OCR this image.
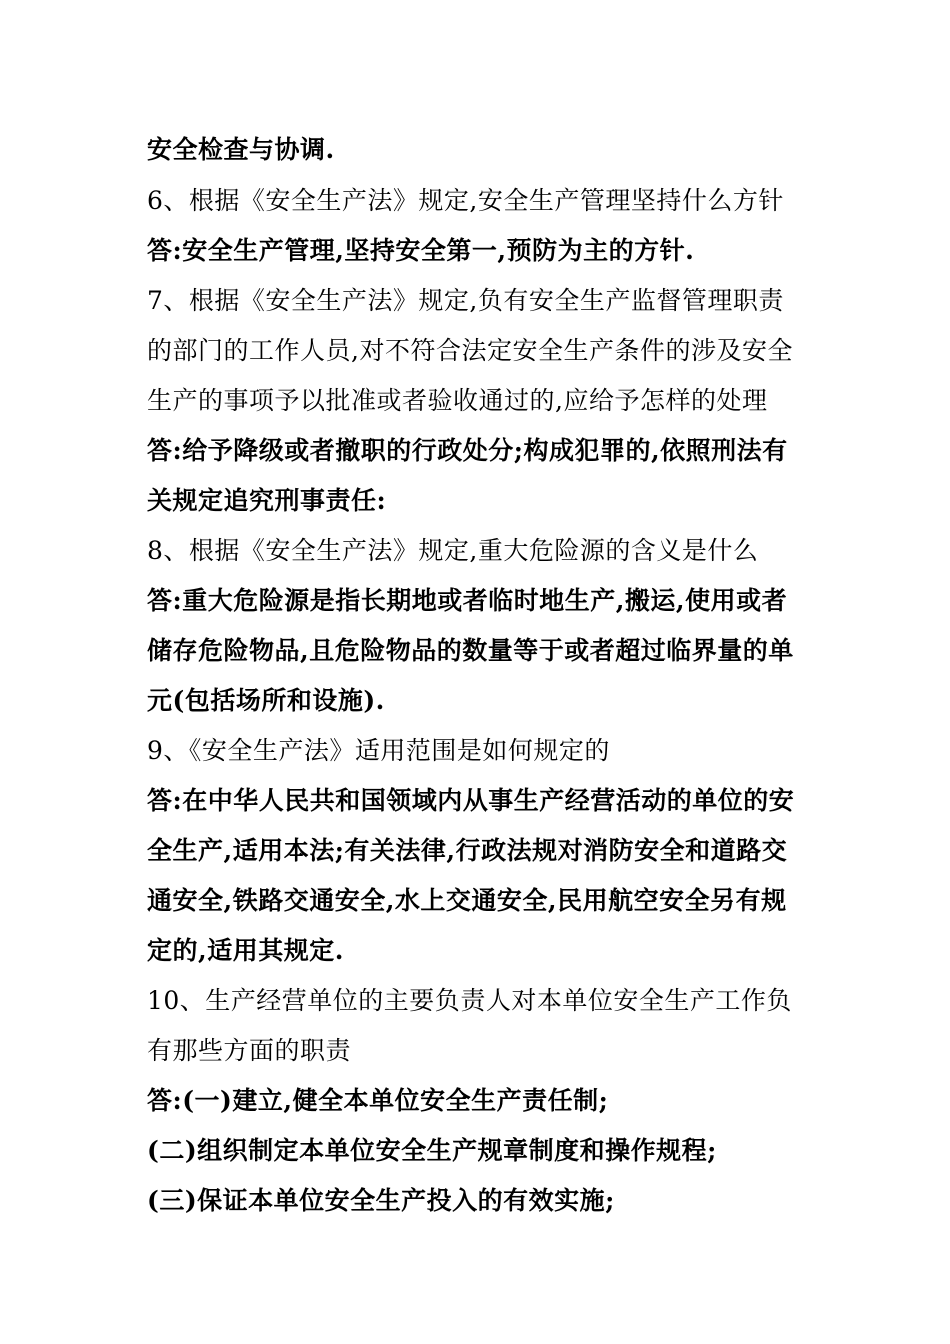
安全检查与协调.
6、根据《安全生产法》规定,安全生产管理坚持什么方针
答:安全生产管理,坚持安全第一,预防为主的方针.
7、根据《安全生产法》规定,负有安全生产监督管理职责
的部门的工作人员,对不符合法定安全生产条件的涉及安全
生产的事项予以批准或者验收通过的,应给予怎样的处理
答:给予降级或者撤职的行政处分;构成犯罪的,依照刑法有
关规定追究刑事责任:
8、根据《安全生产法》规定,重大危险源的含义是什么
答:重大危险源是指长期地或者临时地生产,搬运,使用或者
储存危险物品,且危险物品的数量等于或者超过临界量的单
元(包括场所和设施).
9、《安全生产法》适用范围是如何规定的
答:在中华人民共和国领域内从事生产经营活动的单位的安
全生产,适用本法;有关法律,行政法规对消防安全和道路交
通安全,铁路交通安全,水上交通安全,民用航空安全另有规
定的,适用其规定.
10、生产经营单位的主要负责人对本单位安全生产工作负
有那些方面的职责
答:(一)建立,健全本单位安全生产责任制;
(二)组织制定本单位安全生产规章制度和操作规程;
(三)保证本单位安全生产投入的有效实施;
